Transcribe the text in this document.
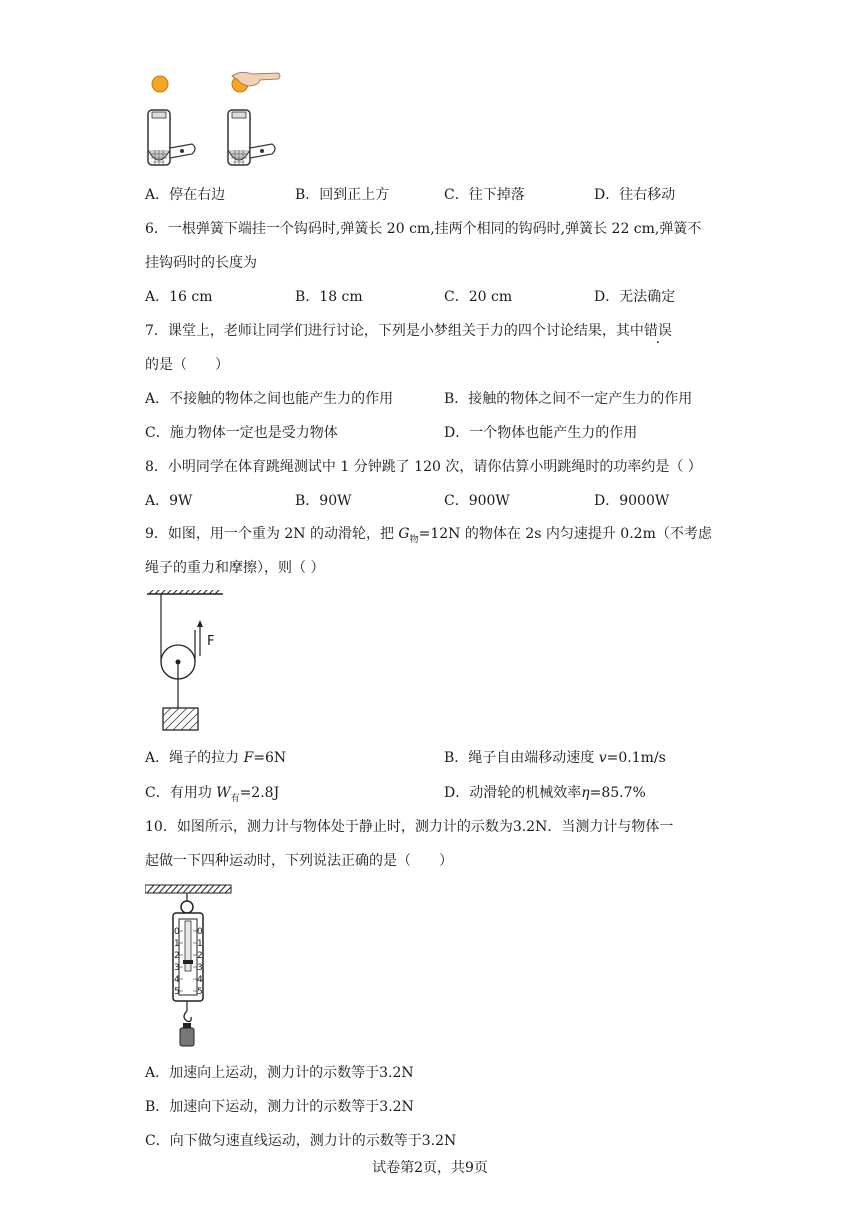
A．停在右边	B．回到正上方	C．往下掉落	D．往右移动
6．一根弹簧下端挂一个钩码时,弹簧长 20 cm,挂两个相同的钩码时,弹簧长 22 cm,弹簧不
挂钩码时的长度为
A．16 cm	B．18 cm	C．20 cm	D．无法确定
7．课堂上，老师让同学们进行讨论，下列是小梦组关于力的四个讨论结果，其中错误
的是（　　）
A．不接触的物体之间也能产生力的作用	B．接触的物体之间不一定产生力的作用
C．施力物体一定也是受力物体	D．一个物体也能产生力的作用
8．小明同学在体育跳绳测试中 1 分钟跳了 120 次，请你估算小明跳绳时的功率约是（ ）
A．9W	B．90W	C．900W	D．9000W
9．如图，用一个重为 2N 的动滑轮，把 $G_物=12N$ 的物体在 2s 内匀速提升 0.2m（不考虑
绳子的重力和摩擦），则（ ）
F
A．绳子的拉力 F=6N	B．绳子自由端移动速度 v=0.1m/s
C．有用功 $W_有=2.8J$	D．动滑轮的机械效率η=85.7%
10．如图所示，测力计与物体处于静止时，测力计的示数为3.2N．当测力计与物体一
起做一下四种运动时，下列说法正确的是（　　）
0
1
2
3
4
5
0
1
2
3
4
5
A．加速向上运动，测力计的示数等于3.2N
B．加速向下运动，测力计的示数等于3.2N
C．向下做匀速直线运动，测力计的示数等于3.2N
试卷第2页，共9页
